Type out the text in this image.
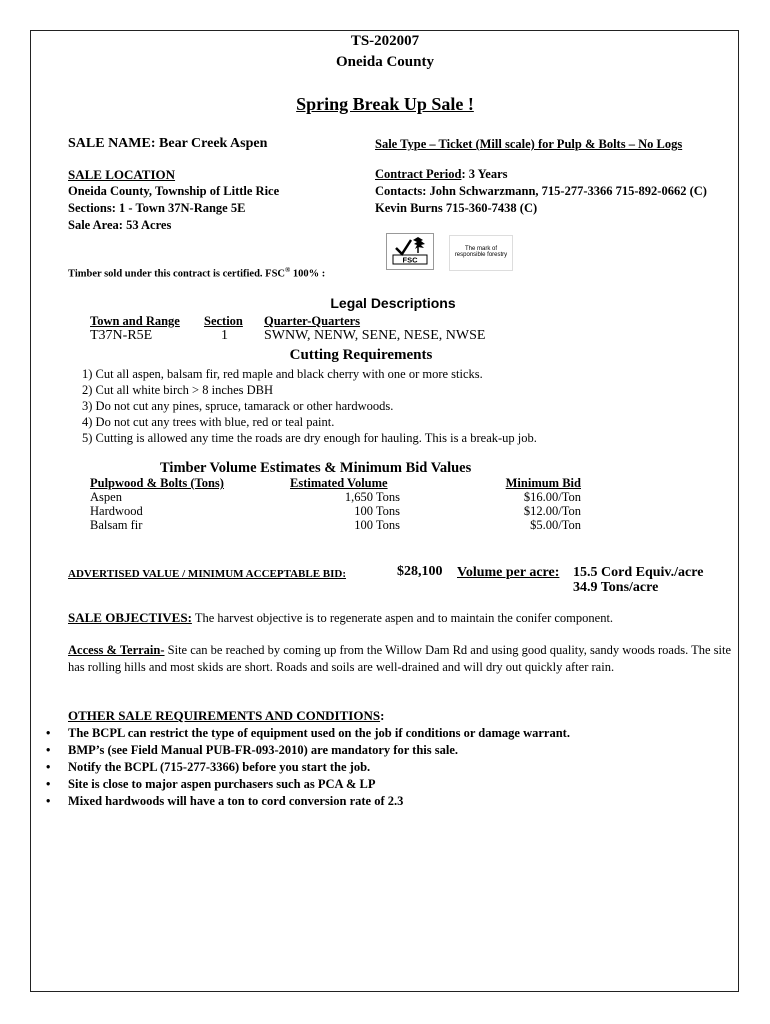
TS-202007
Oneida County
Spring Break Up Sale !
SALE NAME: Bear Creek Aspen	Sale Type – Ticket (Mill scale) for Pulp & Bolts – No Logs
SALE LOCATION
Oneida County, Township of Little Rice
Sections: 1 - Town 37N-Range 5E
Sale Area: 53 Acres
Contract Period: 3 Years
Contacts: John Schwarzmann, 715-277-3366 715-892-0662 (C)
Kevin Burns 715-360-7438 (C)
Timber sold under this contract is certified. FSC® 100% :
FSC
The mark of responsible forestry
Legal Descriptions
Town and Range Section Quarter-Quarters
T37N-R5E	1	SWNW, NENW, SENE, NESE, NWSE
Cutting Requirements
1) Cut all aspen, balsam fir, red maple and black cherry with one or more sticks.
2) Cut all white birch > 8 inches DBH
3) Do not cut any pines, spruce, tamarack or other hardwoods.
4) Do not cut any trees with blue, red or teal paint.
5) Cutting is allowed any time the roads are dry enough for hauling. This is a break-up job.
Timber Volume Estimates & Minimum Bid Values
Pulpwood & Bolts (Tons)	Estimated Volume	Minimum Bid
Aspen	1,650 Tons	$16.00/Ton
Hardwood	100 Tons	$12.00/Ton
Balsam fir	100 Tons	$5.00/Ton
ADVERTISED VALUE / MINIMUM ACCEPTABLE BID:	$28,100 Volume per acre: 15.5 Cord Equiv./acre
34.9 Tons/acre
SALE OBJECTIVES: The harvest objective is to regenerate aspen and to maintain the conifer component.
Access & Terrain- Site can be reached by coming up from the Willow Dam Rd and using good quality, sandy woods roads. The site has rolling hills and most skids are short. Roads and soils are well-drained and will dry out quickly after rain.
OTHER SALE REQUIREMENTS AND CONDITIONS:
• The BCPL can restrict the type of equipment used on the job if conditions or damage warrant.
• BMP’s (see Field Manual PUB-FR-093-2010) are mandatory for this sale.
• Notify the BCPL (715-277-3366) before you start the job.
• Site is close to major aspen purchasers such as PCA & LP
• Mixed hardwoods will have a ton to cord conversion rate of 2.3
